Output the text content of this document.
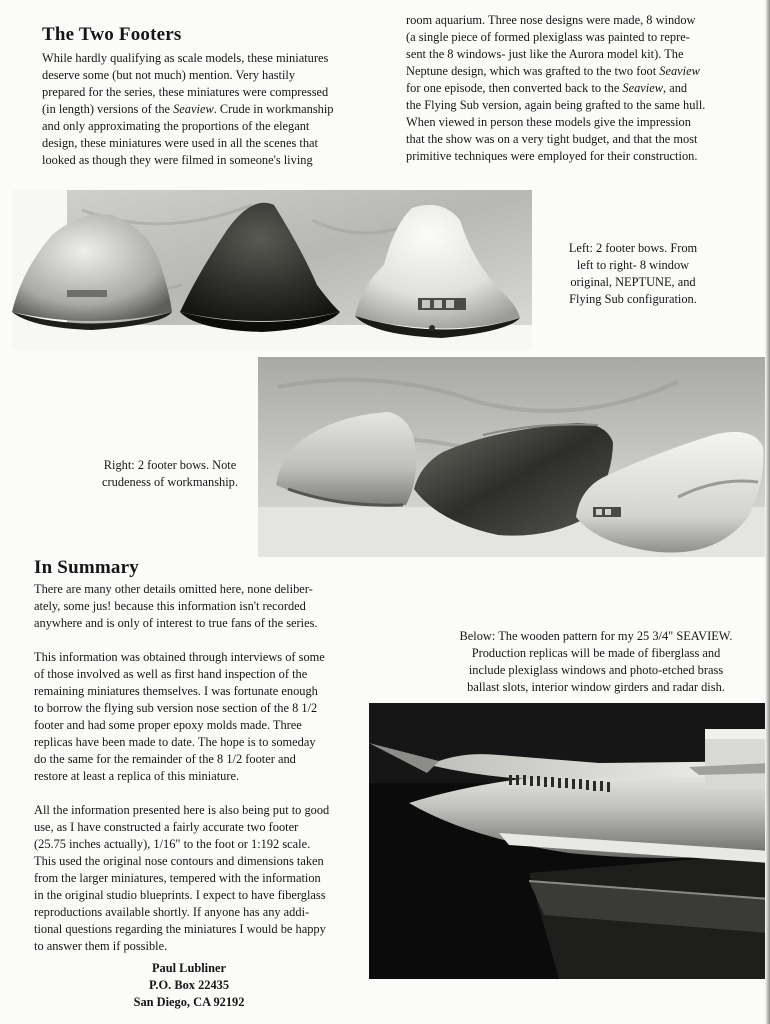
The Two Footers

While hardly qualifying as scale models, these miniatures
deserve some (but not much) mention. Very hastily
prepared for the series, these miniatures were compressed
(in length) versions of the Seaview. Crude in workmanship
and only approximating the proportions of the elegant
design, these miniatures were used in all the scenes that
looked as though they were filmed in someone's living

room aquarium. Three nose designs were made, 8 window
(a single piece of formed plexiglass was painted to repre-
sent the 8 windows- just like the Aurora model kit). The
Neptune design, which was grafted to the two foot Seaview
for one episode, then converted back to the Seaview, and
the Flying Sub version, again being grafted to the same hull.
When viewed in person these models give the impression
that the show was on a very tight budget, and that the most
primitive techniques were employed for their construction.

Left: 2 footer bows. From
left to right- 8 window
original, NEPTUNE, and
Flying Sub configuration.
Right: 2 footer bows. Note
crudeness of workmanship.
In Summary

There are many other details omitted here, none deliber-
ately, some jus! because this information isn't recorded
anywhere and is only of interest to true fans of the series.

This information was obtained through interviews of some
of those involved as well as first hand inspection of the
remaining miniatures themselves. I was fortunate enough
to borrow the flying sub version nose section of the 8 1/2
footer and had some proper epoxy molds made. Three
replicas have been made to date. The hope is to someday
do the same for the remainder of the 8 1/2 footer and
restore at least a replica of this miniature.

All the information presented here is also being put to good
use, as I have constructed a fairly accurate two footer
(25.75 inches actually), 1/16" to the foot or 1:192 scale.
This used the original nose contours and dimensions taken
from the larger miniatures, tempered with the information
in the original studio blueprints. I expect to have fiberglass
reproductions available shortly. If anyone has any addi-
tional questions regarding the miniatures I would be happy
to answer them if possible.

Paul Lubliner
P.O. Box 22435
San Diego, CA 92192
Below: The wooden pattern for my 25 3/4" SEAVIEW.
Production replicas will be made of fiberglass and
include plexiglass windows and photo-etched brass
ballast slots, interior window girders and radar dish.
